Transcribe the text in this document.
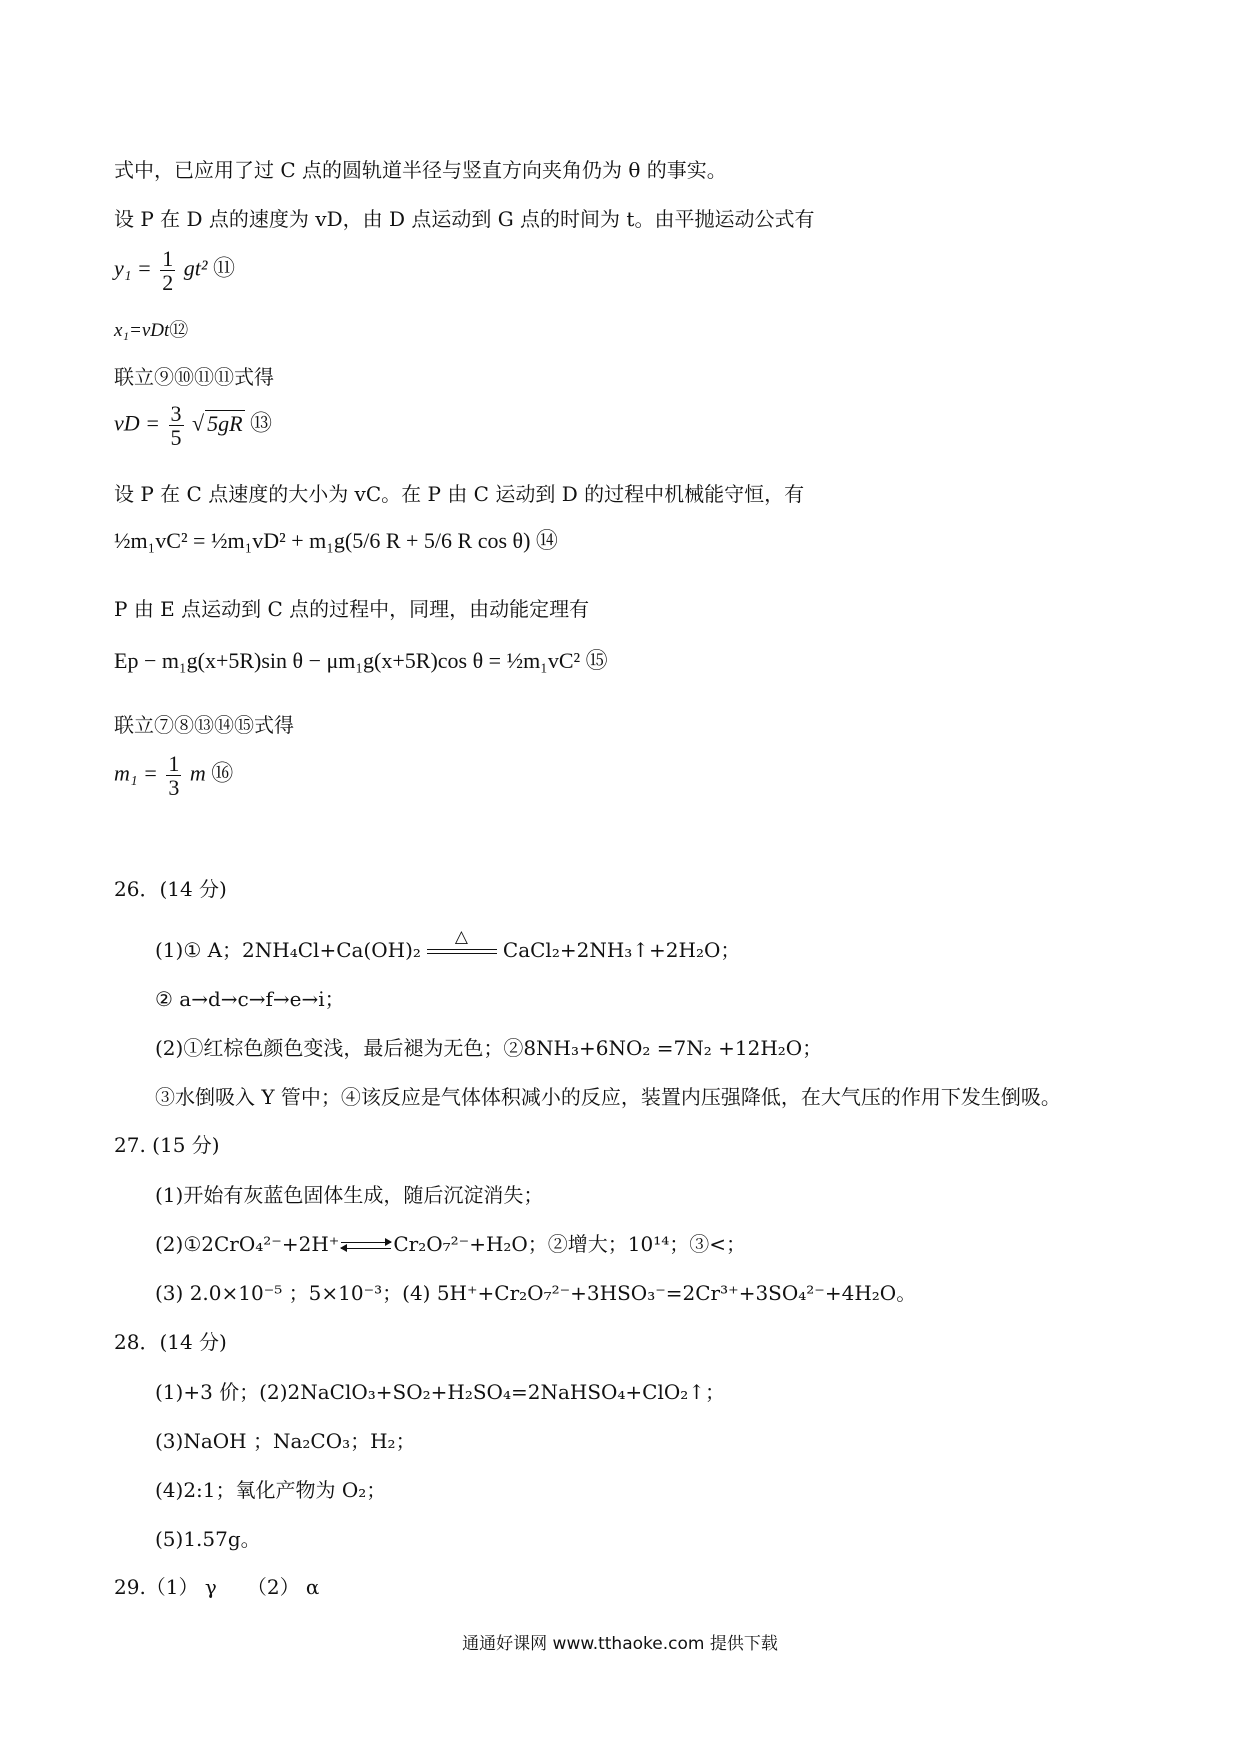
式中，已应用了过 C 点的圆轨道半径与竖直方向夹角仍为 θ 的事实。
设 P 在 D 点的速度为 vD，由 D 点运动到 G 点的时间为 t。由平抛运动公式有
$y_1 = \frac{1}{2} gt^2$ ⑪
x₁=vDt⑫
联立⑨⑩⑪⑪式得
vD = $\frac{3}{5}$ √ 5gR ⑬
设 P 在 C 点速度的大小为 vC。在 P 由 C 运动到 D 的过程中机械能守恒，有
½m₁vC² = ½m₁vD² + m₁g(5/6 R + 5/6 R cos θ) ⑭
P 由 E 点运动到 C 点的过程中，同理，由动能定理有
Ep − m₁g(x+5R)sin θ − μm₁g(x+5R)cos θ = ½m₁vC² ⑮
联立⑦⑧⑬⑭⑮式得
$m_1 = \frac{1}{3}$ m ⑯
26．(14 分)
(1)① A；2NH₄Cl+Ca(OH)₂
△
CaCl₂+2NH₃↑+2H₂O；
② a→d→c→f→e→i；
(2)①红棕色颜色变浅，最后褪为无色；②8NH₃+6NO₂ =7N₂ +12H₂O；
③水倒吸入 Y 管中；④该反应是气体体积减小的反应，装置内压强降低，在大气压的作用下发生倒吸。
27. (15 分)
(1)开始有灰蓝色固体生成，随后沉淀消失；
(2)①2CrO₄²⁻+2H⁺ ⇌ Cr₂O₇²⁻+H₂O；②增大；10¹⁴；③<；
(3) 2.0×10⁻⁵ ；5×10⁻³；(4) 5H⁺+Cr₂O₇²⁻+3HSO₃⁻=2Cr³⁺+3SO₄²⁻+4H₂O。
28．(14 分)
(1)+3 价；(2)2NaClO₃+SO₂+H₂SO₄=2NaHSO₄+ClO₂↑；
(3)NaOH ；Na₂CO₃；H₂；
(4)2:1；氧化产物为 O₂；
(5)1.57g。
29.（1） γ　　（2） α
通通好课网 www.tthaoke.com 提供下载
